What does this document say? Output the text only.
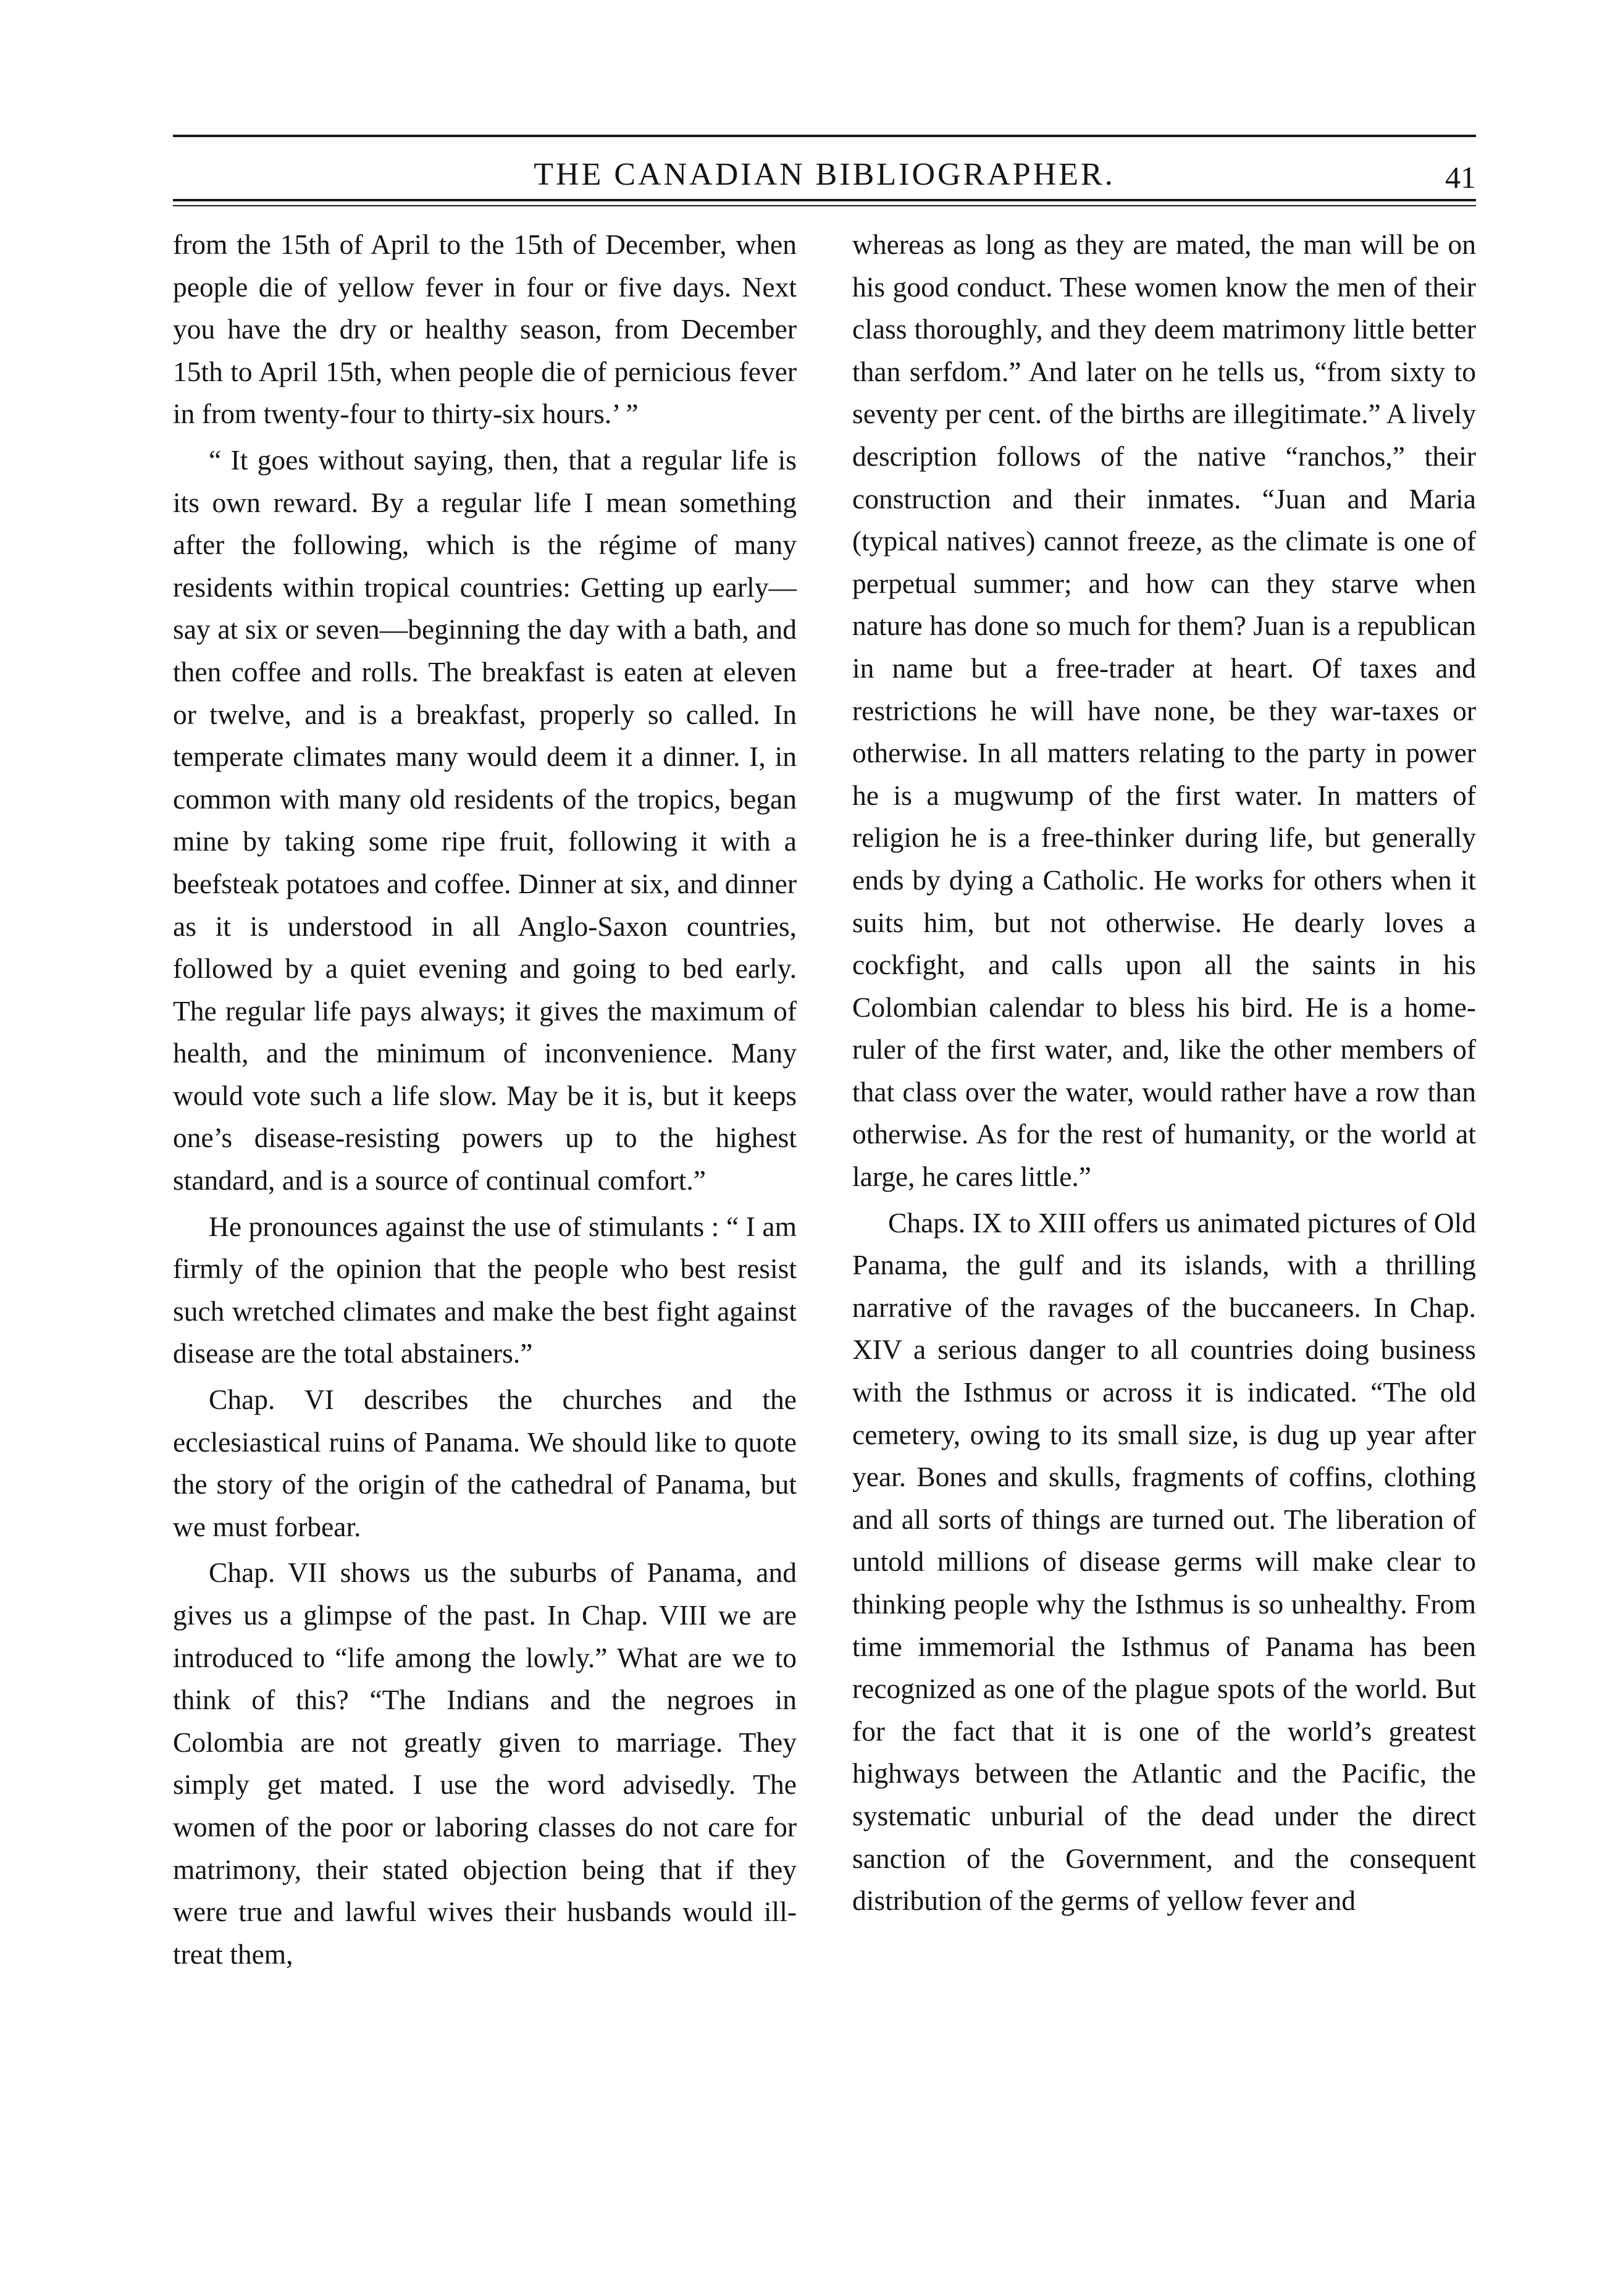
THE CANADIAN BIBLIOGRAPHER.	41

from the 15th of April to the 15th of December, when people die of yellow fever in four or five days. Next you have the dry or healthy season, from December 15th to April 15th, when people die of pernicious fever in from twenty-four to thirty-six hours.’ ”

“ It goes without saying, then, that a regular life is its own reward. By a regular life I mean something after the following, which is the régime of many residents within tropical countries: Getting up early—say at six or seven—beginning the day with a bath, and then coffee and rolls. The breakfast is eaten at eleven or twelve, and is a breakfast, properly so called. In temperate climates many would deem it a dinner. I, in common with many old residents of the tropics, began mine by taking some ripe fruit, following it with a beefsteak potatoes and coffee. Dinner at six, and dinner as it is understood in all Anglo-Saxon countries, followed by a quiet evening and going to bed early. The regular life pays always; it gives the maximum of health, and the minimum of inconvenience. Many would vote such a life slow. May be it is, but it keeps one’s disease-resisting powers up to the highest standard, and is a source of continual comfort.”

He pronounces against the use of stimulants : “ I am firmly of the opinion that the people who best resist such wretched climates and make the best fight against disease are the total abstainers.”

Chap. VI describes the churches and the ecclesiastical ruins of Panama. We should like to quote the story of the origin of the cathedral of Panama, but we must forbear.

Chap. VII shows us the suburbs of Panama, and gives us a glimpse of the past. In Chap. VIII we are introduced to “life among the lowly.” What are we to think of this? “The Indians and the negroes in Colombia are not greatly given to marriage. They simply get mated. I use the word advisedly. The women of the poor or laboring classes do not care for matrimony, their stated objection being that if they were true and lawful wives their husbands would ill-treat them,

whereas as long as they are mated, the man will be on his good conduct. These women know the men of their class thoroughly, and they deem matrimony little better than serfdom.” And later on he tells us, “from sixty to seventy per cent. of the births are illegitimate.” A lively description follows of the native “ranchos,” their construction and their inmates. “Juan and Maria (typical natives) cannot freeze, as the climate is one of perpetual summer; and how can they starve when nature has done so much for them? Juan is a republican in name but a free-trader at heart. Of taxes and restrictions he will have none, be they war-taxes or otherwise. In all matters relating to the party in power he is a mugwump of the first water. In matters of religion he is a free-thinker during life, but generally ends by dying a Catholic. He works for others when it suits him, but not otherwise. He dearly loves a cockfight, and calls upon all the saints in his Colombian calendar to bless his bird. He is a home-ruler of the first water, and, like the other members of that class over the water, would rather have a row than otherwise. As for the rest of humanity, or the world at large, he cares little.”

Chaps. IX to XIII offers us animated pictures of Old Panama, the gulf and its islands, with a thrilling narrative of the ravages of the buccaneers. In Chap. XIV a serious danger to all countries doing business with the Isthmus or across it is indicated. “The old cemetery, owing to its small size, is dug up year after year. Bones and skulls, fragments of coffins, clothing and all sorts of things are turned out. The liberation of untold millions of disease germs will make clear to thinking people why the Isthmus is so unhealthy. From time immemorial the Isthmus of Panama has been recognized as one of the plague spots of the world. But for the fact that it is one of the world’s greatest highways between the Atlantic and the Pacific, the systematic unburial of the dead under the direct sanction of the Government, and the consequent distribution of the germs of yellow fever and
